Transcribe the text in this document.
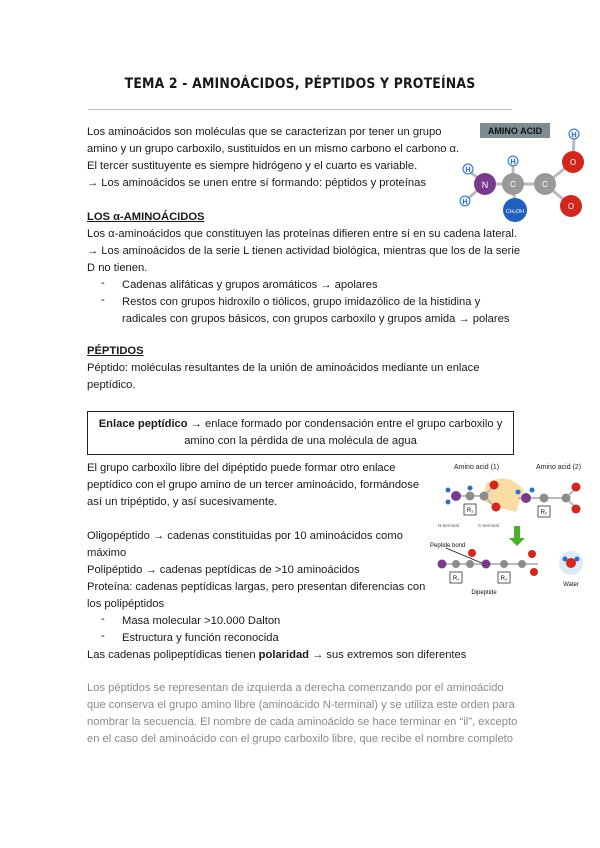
TEMA 2 - AMINOÁCIDOS, PÉPTIDOS Y PROTEÍNAS

Los aminoácidos son moléculas que se caracterizan por tener un grupo

amino y un grupo carboxilo, sustituidos en un mismo carbono el carbono α.

El tercer sustituyente es siempre hidrógeno y el cuarto es variable.

→ Los aminoácidos se unen entre sí formando: péptidos y proteínas

AMINO ACID
N
H
H
C
H
CH₂OH
C
O
O
H

LOS α-AMINOÁCIDOS

Los α-aminoácidos que constituyen las proteínas difieren entre sí en su cadena lateral.

→ Los aminoácidos de la serie L tienen actividad biológica, mientras que los de la serie

D no tienen.

- Cadenas alifáticas y grupos aromáticos → apolares

- Restos con grupos hidroxilo o tiólicos, grupo imidazólico de la histidina y

radicales con grupos básicos, con grupos carboxilo y grupos amida → polares

PÉPTIDOS

Péptido: moléculas resultantes de la unión de aminoácidos mediante un enlace

peptídico.

Enlace peptídico → enlace formado por condensación entre el grupo carboxilo y
amino con la pérdida de una molécula de agua

El grupo carboxilo libre del dipéptido puede formar otro enlace

peptídico con el grupo amino de un tercer aminoácido, formándose

así un tripéptido, y así sucesivamente.

Oligopéptido → cadenas constituidas por 10 aminoácidos como

máximo

Polipéptido → cadenas peptídicas de >10 aminoácidos

Proteína: cadenas peptídicas largas, pero presentan diferencias con

los polipéptidos

- Masa molecular >10.000 Dalton

- Estructura y función reconocida

Las cadenas polipeptídicas tienen polaridad → sus extremos son diferentes

Amino acid (1)	Amino acid (2)
R₁	R₂
N-terminal	C-terminal
Peptide bond
R₁	R₂
Dipeptide
Water

Los péptidos se representan de izquierda a derecha comenzando por el aminoácido

que conserva el grupo amino libre (aminoácido N-terminal) y se utiliza este orden para

nombrar la secuencia. El nombre de cada aminoácido se hace terminar en “il”, excepto

en el caso del aminoácido con el grupo carboxilo libre, que recibe el nombre completo
